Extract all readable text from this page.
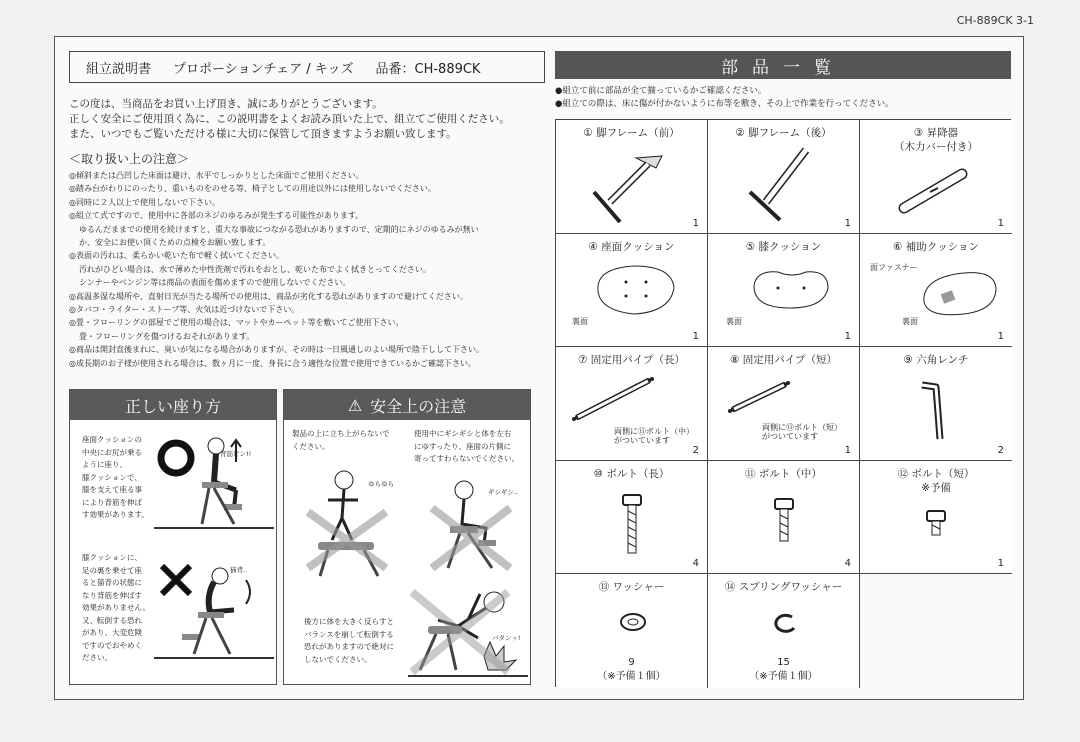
CH-889CK 3-1
組立説明書 プロポーションチェア / キッズ 品番：CH-889CK
この度は、当商品をお買い上げ頂き、誠にありがとうございます。
正しく安全にご使用頂く為に、この説明書をよくお読み頂いた上で、組立てご使用ください。
また、いつでもご覧いただける様に大切に保管して頂きますようお願い致します。
＜取り扱い上の注意＞
◎傾斜または凸凹した床面は避け、水平でしっかりとした床面でご使用ください。
◎踏み台がわりにのったり、重いものをのせる等、椅子としての用途以外には使用しないでください。
◎同時に２人以上で使用しないで下さい。
◎組立て式ですので、使用中に各部のネジのゆるみが発生する可能性があります。
ゆるんだままでの使用を続けますと、重大な事故につながる恐れがありますので、定期的にネジのゆるみが無い
か、安全にお使い頂くための点検をお願い致します。
◎表面の汚れは、柔らかい乾いた布で軽く拭いてください。
汚れがひどい場合は、水で薄めた中性洗剤で汚れをおとし、乾いた布でよく拭きとってください。
シンナーやベンジン等は商品の表面を傷めますので使用しないでください。
◎高温多湿な場所や、直射日光が当たる場所での使用は、商品が劣化する恐れがありますので避けてください。
◎タバコ・ライター・ストーブ等、火気は近づけないで下さい。
◎畳・フローリングの部屋でご使用の場合は、マットやカーペット等を敷いてご使用下さい。
畳・フローリングを傷つけるおそれがあります。
◎商品は開封直後まれに、臭いが気になる場合がありますが、その時は一日風通しのよい場所で陰干しして下さい。
◎成長期のお子様が使用される場合は、数ヶ月に一度、身長に合う適性な位置で使用できているかご確認下さい。
正しい座り方
座面クッションの
中央にお尻が乗る
ように座り、
膝クッションで、
膝を支えて座る事
により背筋を伸ば
す効果があります。
背筋ピン!!
膝クッションに、
足の裏を乗せて座
ると猫背の状態に
なり背筋を伸ばす
効果がありません。
又、転倒する恐れ
があり、大変危険
ですのでおやめく
ださい。
猫背..
⚠ 安全上の注意
製品の上に立ち上がらないで
ください。
使用中にギシギシと体を左右
にゆすったり、座面の片側に
寄ってすわらないでください。
ゆらゆら
ギシギシ..
後方に体を大きく反らすと
バランスを崩して転倒する
恐れがありますので絶対に
しないでください。
バタンッ!
部品一覧
●組立て前に部品が全て揃っているかご確認ください。
●組立ての際は、床に傷が付かないように布等を敷き、その上で作業を行ってください。
① 脚フレーム（前）
1
② 脚フレーム（後）
1
③ 昇降器
（木力バー付き）
1
④ 座面クッション
裏面
1
⑤ 膝クッション
裏面
1
⑥ 補助クッション
面ファスナー
裏面
1
⑦ 固定用パイプ（長）
両側に⑪ボルト（中）
がついています
2
⑧ 固定用パイプ（短）
両側に⑪ボルト（短）
がついています
1
⑨ 六角レンチ
2
⑩ ボルト（長）
4
⑪ ボルト（中）
4
⑫ ボルト（短）
※予備
1
⑬ ワッシャー
9
（※予備１個）
⑭ スプリングワッシャー
15
（※予備１個）
